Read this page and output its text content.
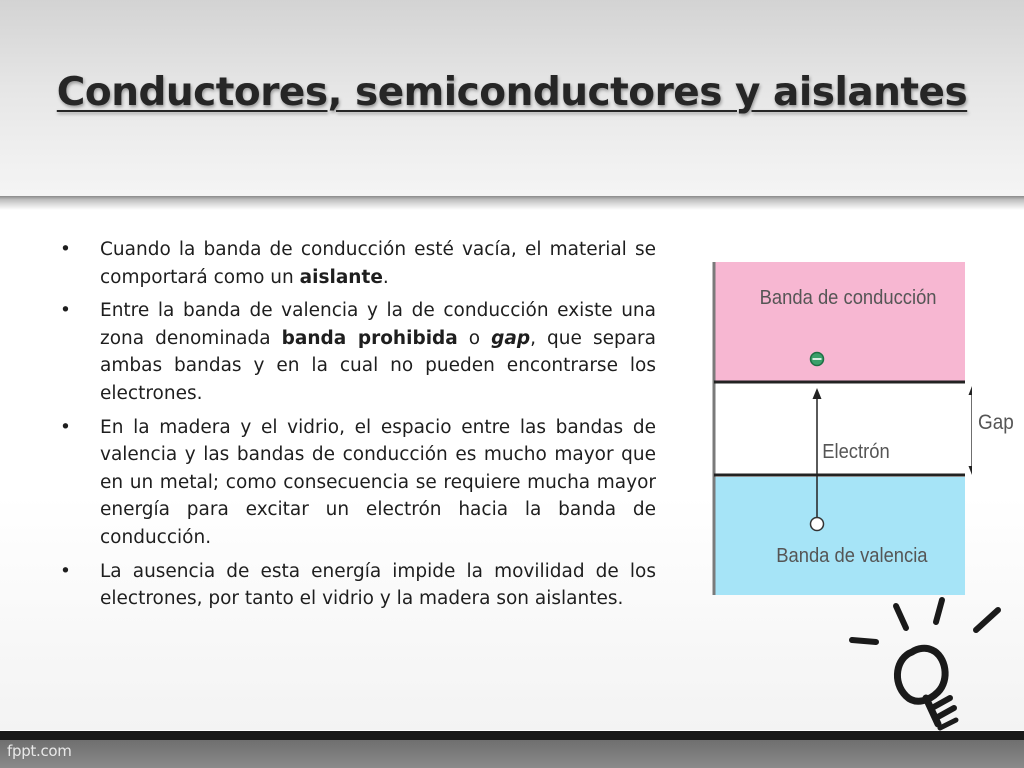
Conductores, semiconductores y aislantes
• Cuando la banda de conducción esté vacía, el material se comportará como un aislante.
• Entre la banda de valencia y la de conducción existe una zona denominada banda prohibida o gap, que separa ambas bandas y en la cual no pueden encontrarse los electrones.
• En la madera y el vidrio, el espacio entre las bandas de valencia y las bandas de conducción es mucho mayor que en un metal; como consecuencia se requiere mucha mayor energía para excitar un electrón hacia la banda de conducción.
• La ausencia de esta energía impide la movilidad de los electrones, por tanto el vidrio y la madera son aislantes.
Banda de conducción
Electrón
Banda de valencia
Gap
fppt.com
